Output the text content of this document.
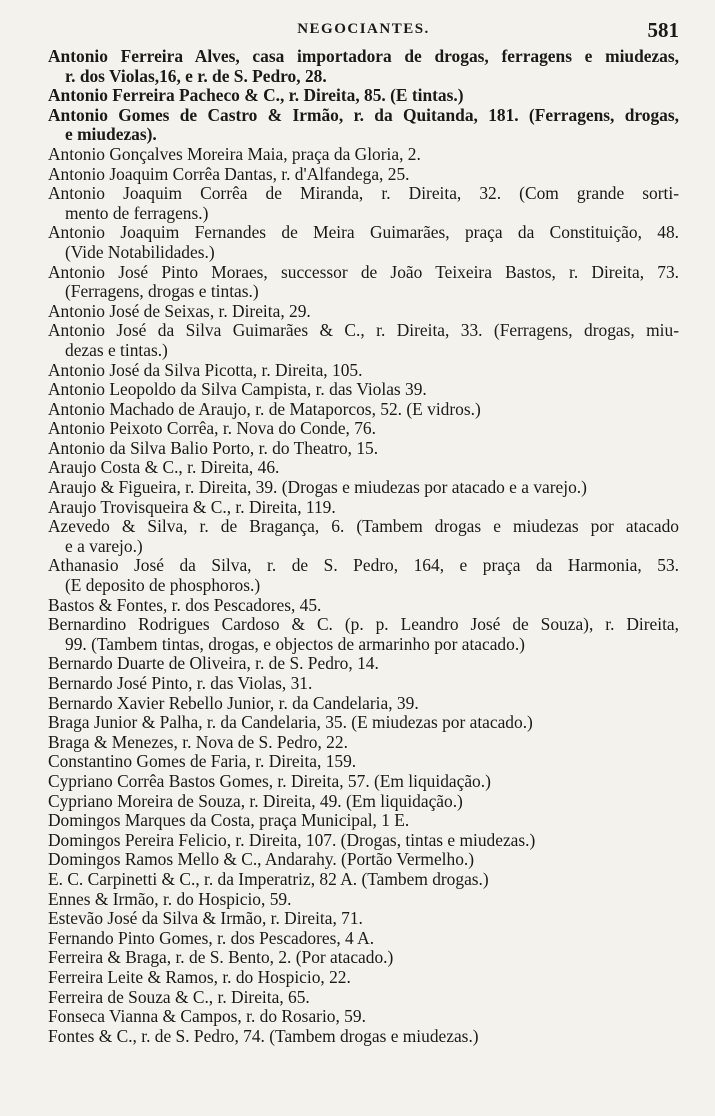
NEGOCIANTES.	581
Antonio Ferreira Alves, casa importadora de drogas, ferragens e miudezas,
r. dos Violas,16, e r. de S. Pedro, 28.
Antonio Ferreira Pacheco & C., r. Direita, 85. (E tintas.)
Antonio Gomes de Castro & Irmão, r. da Quitanda, 181. (Ferragens, drogas,
e miudezas).
Antonio Gonçalves Moreira Maia, praça da Gloria, 2.
Antonio Joaquim Corrêa Dantas, r. d'Alfandega, 25.
Antonio Joaquim Corrêa de Miranda, r. Direita, 32. (Com grande sorti-
mento de ferragens.)
Antonio Joaquim Fernandes de Meira Guimarães, praça da Constituição, 48.
(Vide Notabilidades.)
Antonio José Pinto Moraes, successor de João Teixeira Bastos, r. Direita, 73.
(Ferragens, drogas e tintas.)
Antonio José de Seixas, r. Direita, 29.
Antonio José da Silva Guimarães & C., r. Direita, 33. (Ferragens, drogas, miu-
dezas e tintas.)
Antonio José da Silva Picotta, r. Direita, 105.
Antonio Leopoldo da Silva Campista, r. das Violas 39.
Antonio Machado de Araujo, r. de Mataporcos, 52. (E vidros.)
Antonio Peixoto Corrêa, r. Nova do Conde, 76.
Antonio da Silva Balio Porto, r. do Theatro, 15.
Araujo Costa & C., r. Direita, 46.
Araujo & Figueira, r. Direita, 39. (Drogas e miudezas por atacado e a varejo.)
Araujo Trovisqueira & C., r. Direita, 119.
Azevedo & Silva, r. de Bragança, 6. (Tambem drogas e miudezas por atacado
e a varejo.)
Athanasio José da Silva, r. de S. Pedro, 164, e praça da Harmonia, 53.
(E deposito de phosphoros.)
Bastos & Fontes, r. dos Pescadores, 45.
Bernardino Rodrigues Cardoso & C. (p. p. Leandro José de Souza), r. Direita,
99. (Tambem tintas, drogas, e objectos de armarinho por atacado.)
Bernardo Duarte de Oliveira, r. de S. Pedro, 14.
Bernardo José Pinto, r. das Violas, 31.
Bernardo Xavier Rebello Junior, r. da Candelaria, 39.
Braga Junior & Palha, r. da Candelaria, 35. (E miudezas por atacado.)
Braga & Menezes, r. Nova de S. Pedro, 22.
Constantino Gomes de Faria, r. Direita, 159.
Cypriano Corrêa Bastos Gomes, r. Direita, 57. (Em liquidação.)
Cypriano Moreira de Souza, r. Direita, 49. (Em liquidação.)
Domingos Marques da Costa, praça Municipal, 1 E.
Domingos Pereira Felicio, r. Direita, 107. (Drogas, tintas e miudezas.)
Domingos Ramos Mello & C., Andarahy. (Portão Vermelho.)
E. C. Carpinetti & C., r. da Imperatriz, 82 A. (Tambem drogas.)
Ennes & Irmão, r. do Hospicio, 59.
Estevão José da Silva & Irmão, r. Direita, 71.
Fernando Pinto Gomes, r. dos Pescadores, 4 A.
Ferreira & Braga, r. de S. Bento, 2. (Por atacado.)
Ferreira Leite & Ramos, r. do Hospicio, 22.
Ferreira de Souza & C., r. Direita, 65.
Fonseca Vianna & Campos, r. do Rosario, 59.
Fontes & C., r. de S. Pedro, 74. (Tambem drogas e miudezas.)
